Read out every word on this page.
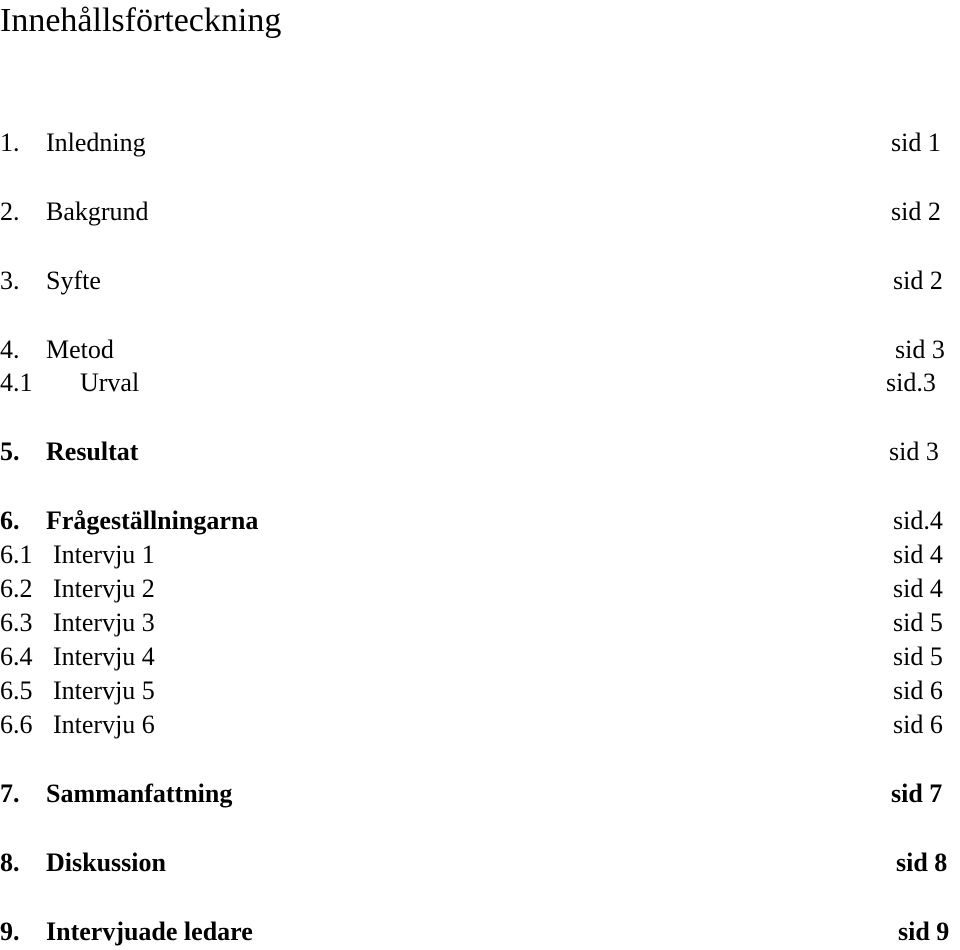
Innehållsförteckning
1. Inledning	sid 1
2. Bakgrund	sid 2
3. Syfte	sid 2
4. Metod	sid 3
4.1 Urval	sid.3
5. Resultat	sid 3
6. Frågeställningarna	sid.4
6.1 Intervju 1	sid 4
6.2 Intervju 2	sid 4
6.3 Intervju 3	sid 5
6.4 Intervju 4	sid 5
6.5 Intervju 5	sid 6
6.6 Intervju 6	sid 6
7. Sammanfattning	sid 7
8. Diskussion	sid 8
9. Intervjuade ledare	sid 9
